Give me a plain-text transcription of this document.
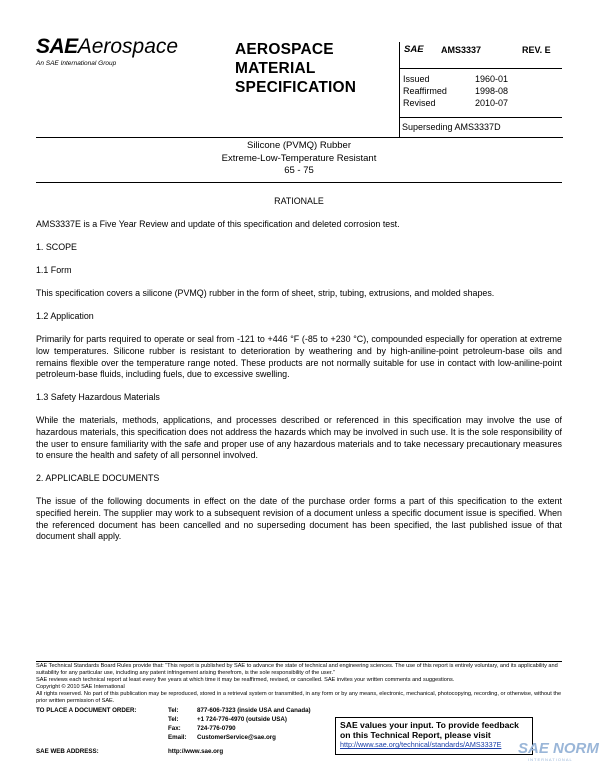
SAEAerospace
An SAE International Group
AEROSPACE
MATERIAL
SPECIFICATION
SAE AMS3337	REV. E
Issued	1960-01
Reaffirmed	1998-08
Revised	2010-07
Superseding AMS3337D
Silicone (PVMQ) Rubber
Extreme-Low-Temperature Resistant
65 - 75
RATIONALE
AMS3337E is a Five Year Review and update of this specification and deleted corrosion test.
1. SCOPE
1.1 Form
This specification covers a silicone (PVMQ) rubber in the form of sheet, strip, tubing, extrusions, and molded shapes.
1.2 Application
Primarily for parts required to operate or seal from -121 to +446 °F (-85 to +230 °C), compounded especially for operation at extreme low temperatures. Silicone rubber is resistant to deterioration by weathering and by high-aniline-point petroleum-base oils and remains flexible over the temperature range noted. These products are not normally suitable for use in contact with low-aniline-point petroleum-base fluids, including fuels, due to excessive swelling.
1.3 Safety Hazardous Materials
While the materials, methods, applications, and processes described or referenced in this specification may involve the use of hazardous materials, this specification does not address the hazards which may be involved in such use. It is the sole responsibility of the user to ensure familiarity with the safe and proper use of any hazardous materials and to take necessary precautionary measures to ensure the health and safety of all personnel involved.
2. APPLICABLE DOCUMENTS
The issue of the following documents in effect on the date of the purchase order forms a part of this specification to the extent specified herein. The supplier may work to a subsequent revision of a document unless a specific document issue is specified. When the referenced document has been cancelled and no superseding document has been specified, the last published issue of that document shall apply.
SAE Technical Standards Board Rules provide that: “This report is published by SAE to advance the state of technical and engineering sciences. The use of this report is entirely voluntary, and its applicability and suitability for any particular use, including any patent infringement arising therefrom, is the sole responsibility of the user.”
SAE reviews each technical report at least every five years at which time it may be reaffirmed, revised, or cancelled. SAE invites your written comments and suggestions.
Copyright © 2010 SAE International
All rights reserved. No part of this publication may be reproduced, stored in a retrieval system or transmitted, in any form or by any means, electronic, mechanical, photocopying, recording, or otherwise, without the prior written permission of SAE.
TO PLACE A DOCUMENT ORDER:	Tel:	877-606-7323 (inside USA and Canada)
Tel:	+1 724-776-4970 (outside USA)
Fax:	724-776-0790
Email: CustomerService@sae.org
SAE WEB ADDRESS:	http://www.sae.org
SAE values your input. To provide feedback
on this Technical Report, please visit
http://www.sae.org/technical/standards/AMS3337E	SAE NORM
INTERNATIONAL
